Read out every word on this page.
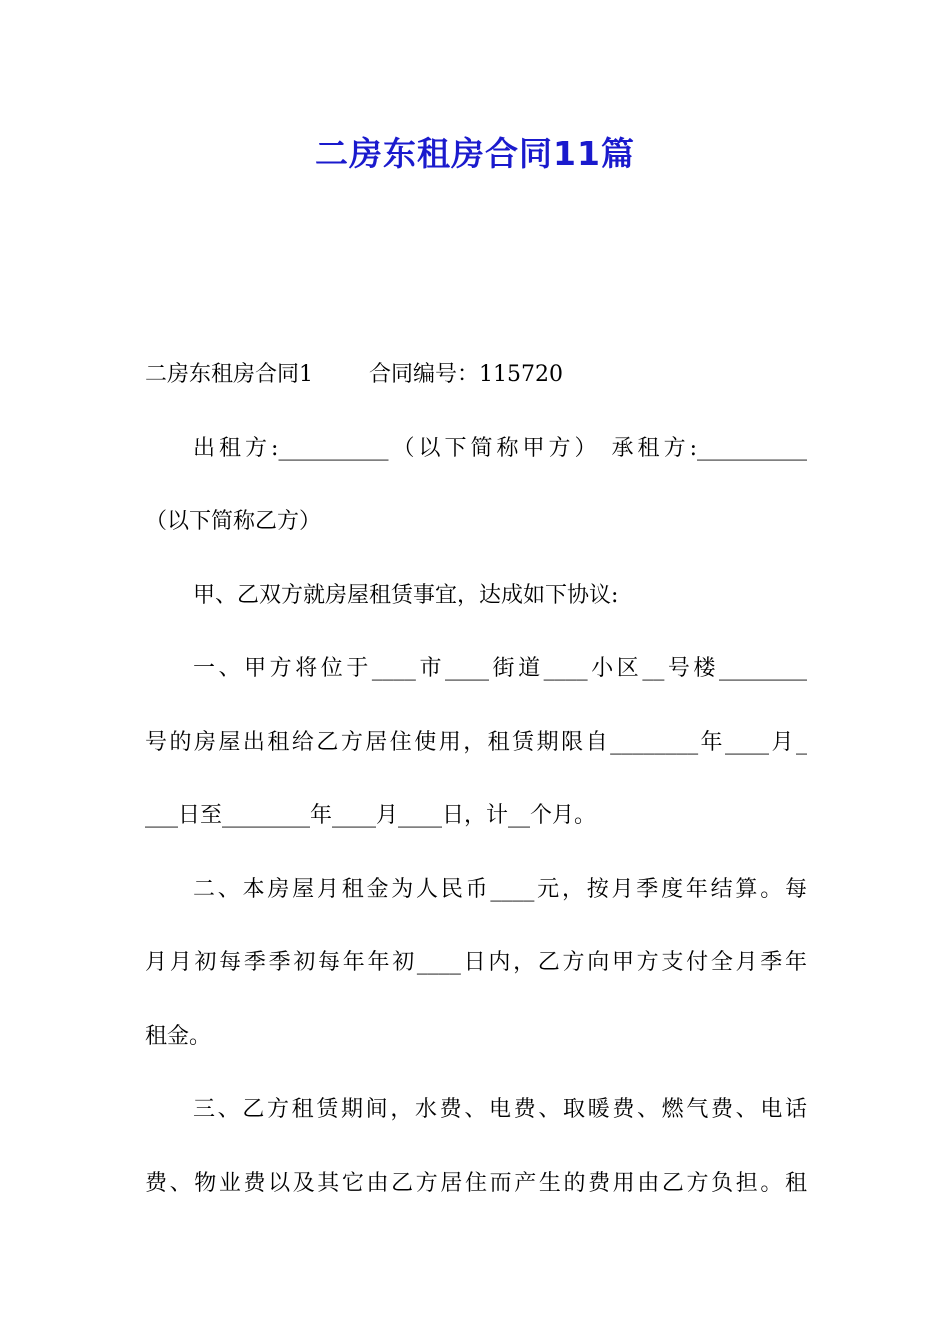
二房东租房合同11篇
二房东租房合同1	合同编号：115720
出租方:__________（以下简称甲方） 承租方:__________
（以下简称乙方）
甲、乙双方就房屋租赁事宜，达成如下协议:
一、甲方将位于____市____街道____小区__号楼________
号的房屋出租给乙方居住使用，租赁期限自________年____月_
___日至________年____月____日，计__个月。
二、本房屋月租金为人民币____元，按月季度年结算。每
月月初每季季初每年年初____日内，乙方向甲方支付全月季年
租金。
三、乙方租赁期间，水费、电费、取暖费、燃气费、电话
费、物业费以及其它由乙方居住而产生的费用由乙方负担。租
